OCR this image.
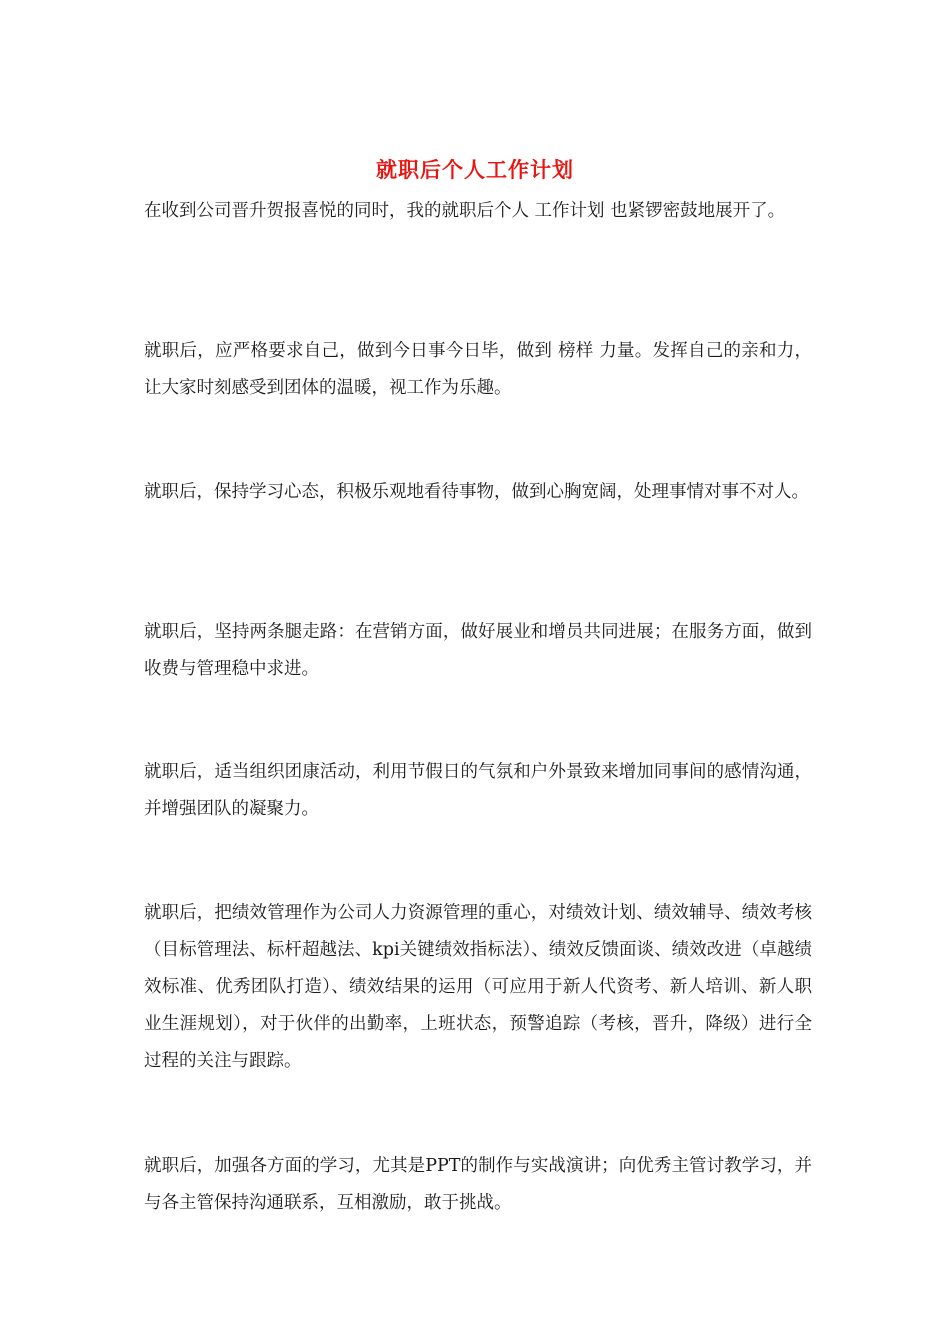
就职后个人工作计划

在收到公司晋升贺报喜悦的同时，我的就职后个人 工作计划 也紧锣密鼓地展开了。

就职后，应严格要求自己，做到今日事今日毕，做到 榜样 力量。发挥自己的亲和力，让大家时刻感受到团体的温暖，视工作为乐趣。

就职后，保持学习心态，积极乐观地看待事物，做到心胸宽阔，处理事情对事不对人。

就职后，坚持两条腿走路：在营销方面，做好展业和增员共同进展；在服务方面，做到收费与管理稳中求进。

就职后，适当组织团康活动，利用节假日的气氛和户外景致来增加同事间的感情沟通，并增强团队的凝聚力。

就职后，把绩效管理作为公司人力资源管理的重心，对绩效计划、绩效辅导、绩效考核（目标管理法、标杆超越法、kpi关键绩效指标法）、绩效反馈面谈、绩效改进（卓越绩效标准、优秀团队打造）、绩效结果的运用（可应用于新人代资考、新人培训、新人职业生涯规划），对于伙伴的出勤率，上班状态，预警追踪（考核，晋升，降级）进行全过程的关注与跟踪。

就职后，加强各方面的学习，尤其是PPT的制作与实战演讲；向优秀主管讨教学习，并与各主管保持沟通联系，互相激励，敢于挑战。
